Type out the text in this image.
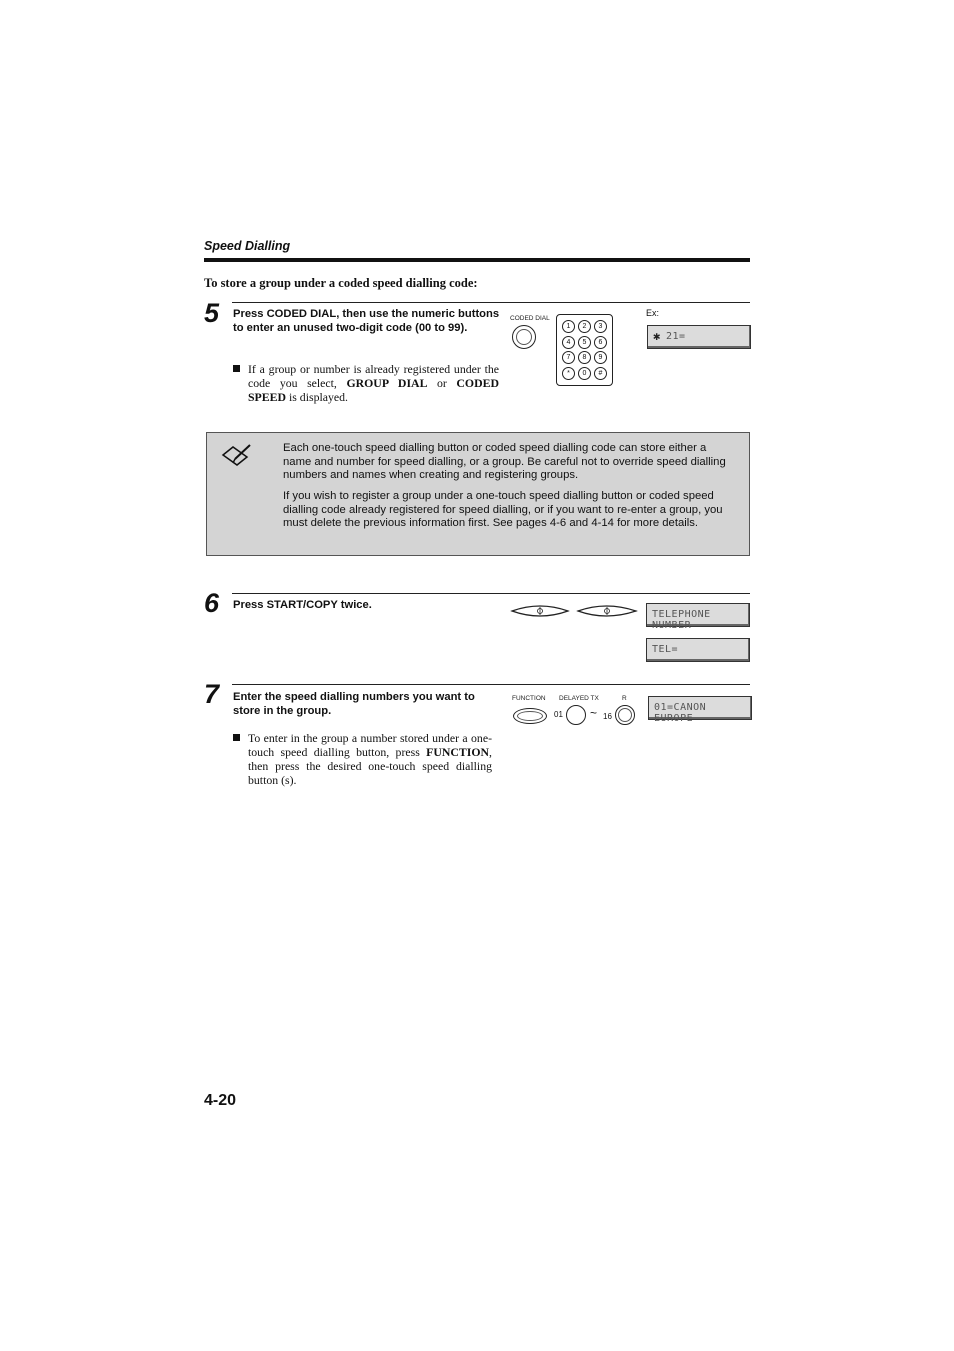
Speed Dialling
To store a group under a coded speed dialling code:
5 Press CODED DIAL, then use the numeric buttons to enter an unused two-digit code (00 to 99).
If a group or number is already registered under the code you select, GROUP DIAL or CODED SPEED is displayed.
CODED DIAL
1	2	3
4	5	6
7	8	9
*	0	#
Ex:
✱ 21=
Each one-touch speed dialling button or coded speed dialling code can store either a name and number for speed dialling, or a group. Be careful not to override speed dialling numbers and names when creating and registering groups.
If you wish to register a group under a one-touch speed dialling button or coded speed dialling code already registered for speed dialling, or if you want to re-enter a group, you must delete the previous information first. See pages 4-6 and 4-14 for more details.
6 Press START/COPY twice.
TELEPHONE NUMBER
TEL=
7 Enter the speed dialling numbers you want to store in the group.
To enter in the group a number stored under a one-touch speed dialling button, press FUNCTION, then press the desired one-touch speed dialling button (s).
FUNCTION DELAYED TX	R
01 ~ 16
01=CANON EUROPE
4-20
